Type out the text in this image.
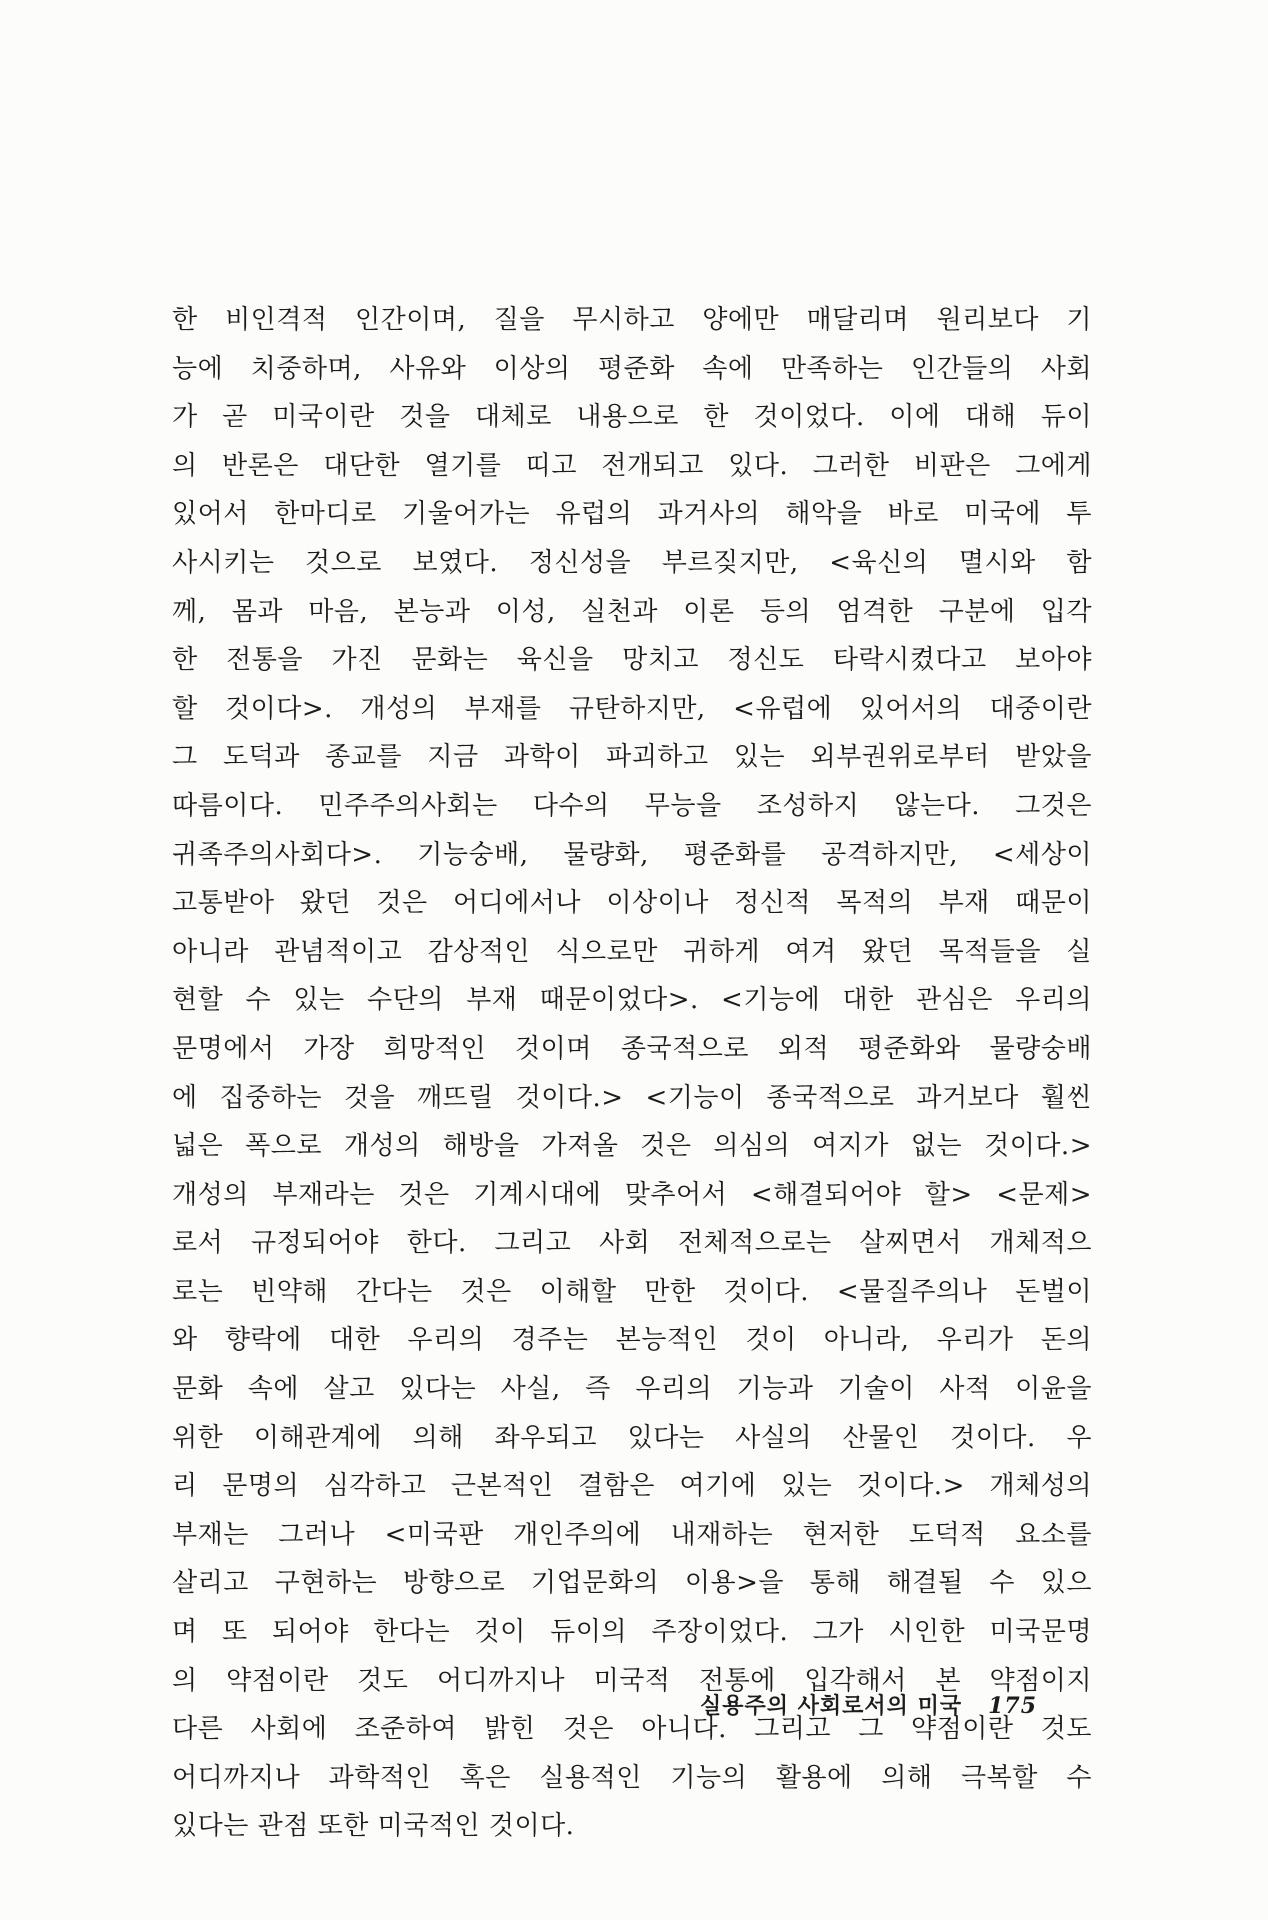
한 비인격적 인간이며, 질을 무시하고 양에만 매달리며 원리보다 기
능에 치중하며, 사유와 이상의 평준화 속에 만족하는 인간들의 사회
가 곧 미국이란 것을 대체로 내용으로 한 것이었다. 이에 대해 듀이
의 반론은 대단한 열기를 띠고 전개되고 있다. 그러한 비판은 그에게
있어서 한마디로 기울어가는 유럽의 과거사의 해악을 바로 미국에 투
사시키는 것으로 보였다. 정신성을 부르짖지만, <육신의 멸시와 함
께, 몸과 마음, 본능과 이성, 실천과 이론 등의 엄격한 구분에 입각
한 전통을 가진 문화는 육신을 망치고 정신도 타락시켰다고 보아야
할 것이다>. 개성의 부재를 규탄하지만, <유럽에 있어서의 대중이란
그 도덕과 종교를 지금 과학이 파괴하고 있는 외부권위로부터 받았을
따름이다. 민주주의사회는 다수의 무능을 조성하지 않는다. 그것은
귀족주의사회다>. 기능숭배, 물량화, 평준화를 공격하지만, <세상이
고통받아 왔던 것은 어디에서나 이상이나 정신적 목적의 부재 때문이
아니라 관념적이고 감상적인 식으로만 귀하게 여겨 왔던 목적들을 실
현할 수 있는 수단의 부재 때문이었다>. <기능에 대한 관심은 우리의
문명에서 가장 희망적인 것이며 종국적으로 외적 평준화와 물량숭배
에 집중하는 것을 깨뜨릴 것이다.> <기능이 종국적으로 과거보다 훨씬
넓은 폭으로 개성의 해방을 가져올 것은 의심의 여지가 없는 것이다.>
개성의 부재라는 것은 기계시대에 맞추어서 <해결되어야 할> <문제>
로서 규정되어야 한다. 그리고 사회 전체적으로는 살찌면서 개체적으
로는 빈약해 간다는 것은 이해할 만한 것이다. <물질주의나 돈벌이
와 향락에 대한 우리의 경주는 본능적인 것이 아니라, 우리가 돈의
문화 속에 살고 있다는 사실, 즉 우리의 기능과 기술이 사적 이윤을
위한 이해관계에 의해 좌우되고 있다는 사실의 산물인 것이다. 우
리 문명의 심각하고 근본적인 결함은 여기에 있는 것이다.> 개체성의
부재는 그러나 <미국판 개인주의에 내재하는 현저한 도덕적 요소를
살리고 구현하는 방향으로 기업문화의 이용>을 통해 해결될 수 있으
며 또 되어야 한다는 것이 듀이의 주장이었다. 그가 시인한 미국문명
의 약점이란 것도 어디까지나 미국적 전통에 입각해서 본 약점이지
다른 사회에 조준하여 밝힌 것은 아니다. 그리고 그 약점이란 것도
어디까지나 과학적인 혹은 실용적인 기능의 활용에 의해 극복할 수
있다는 관점 또한 미국적인 것이다.
실용주의 사회로서의 미국 175
